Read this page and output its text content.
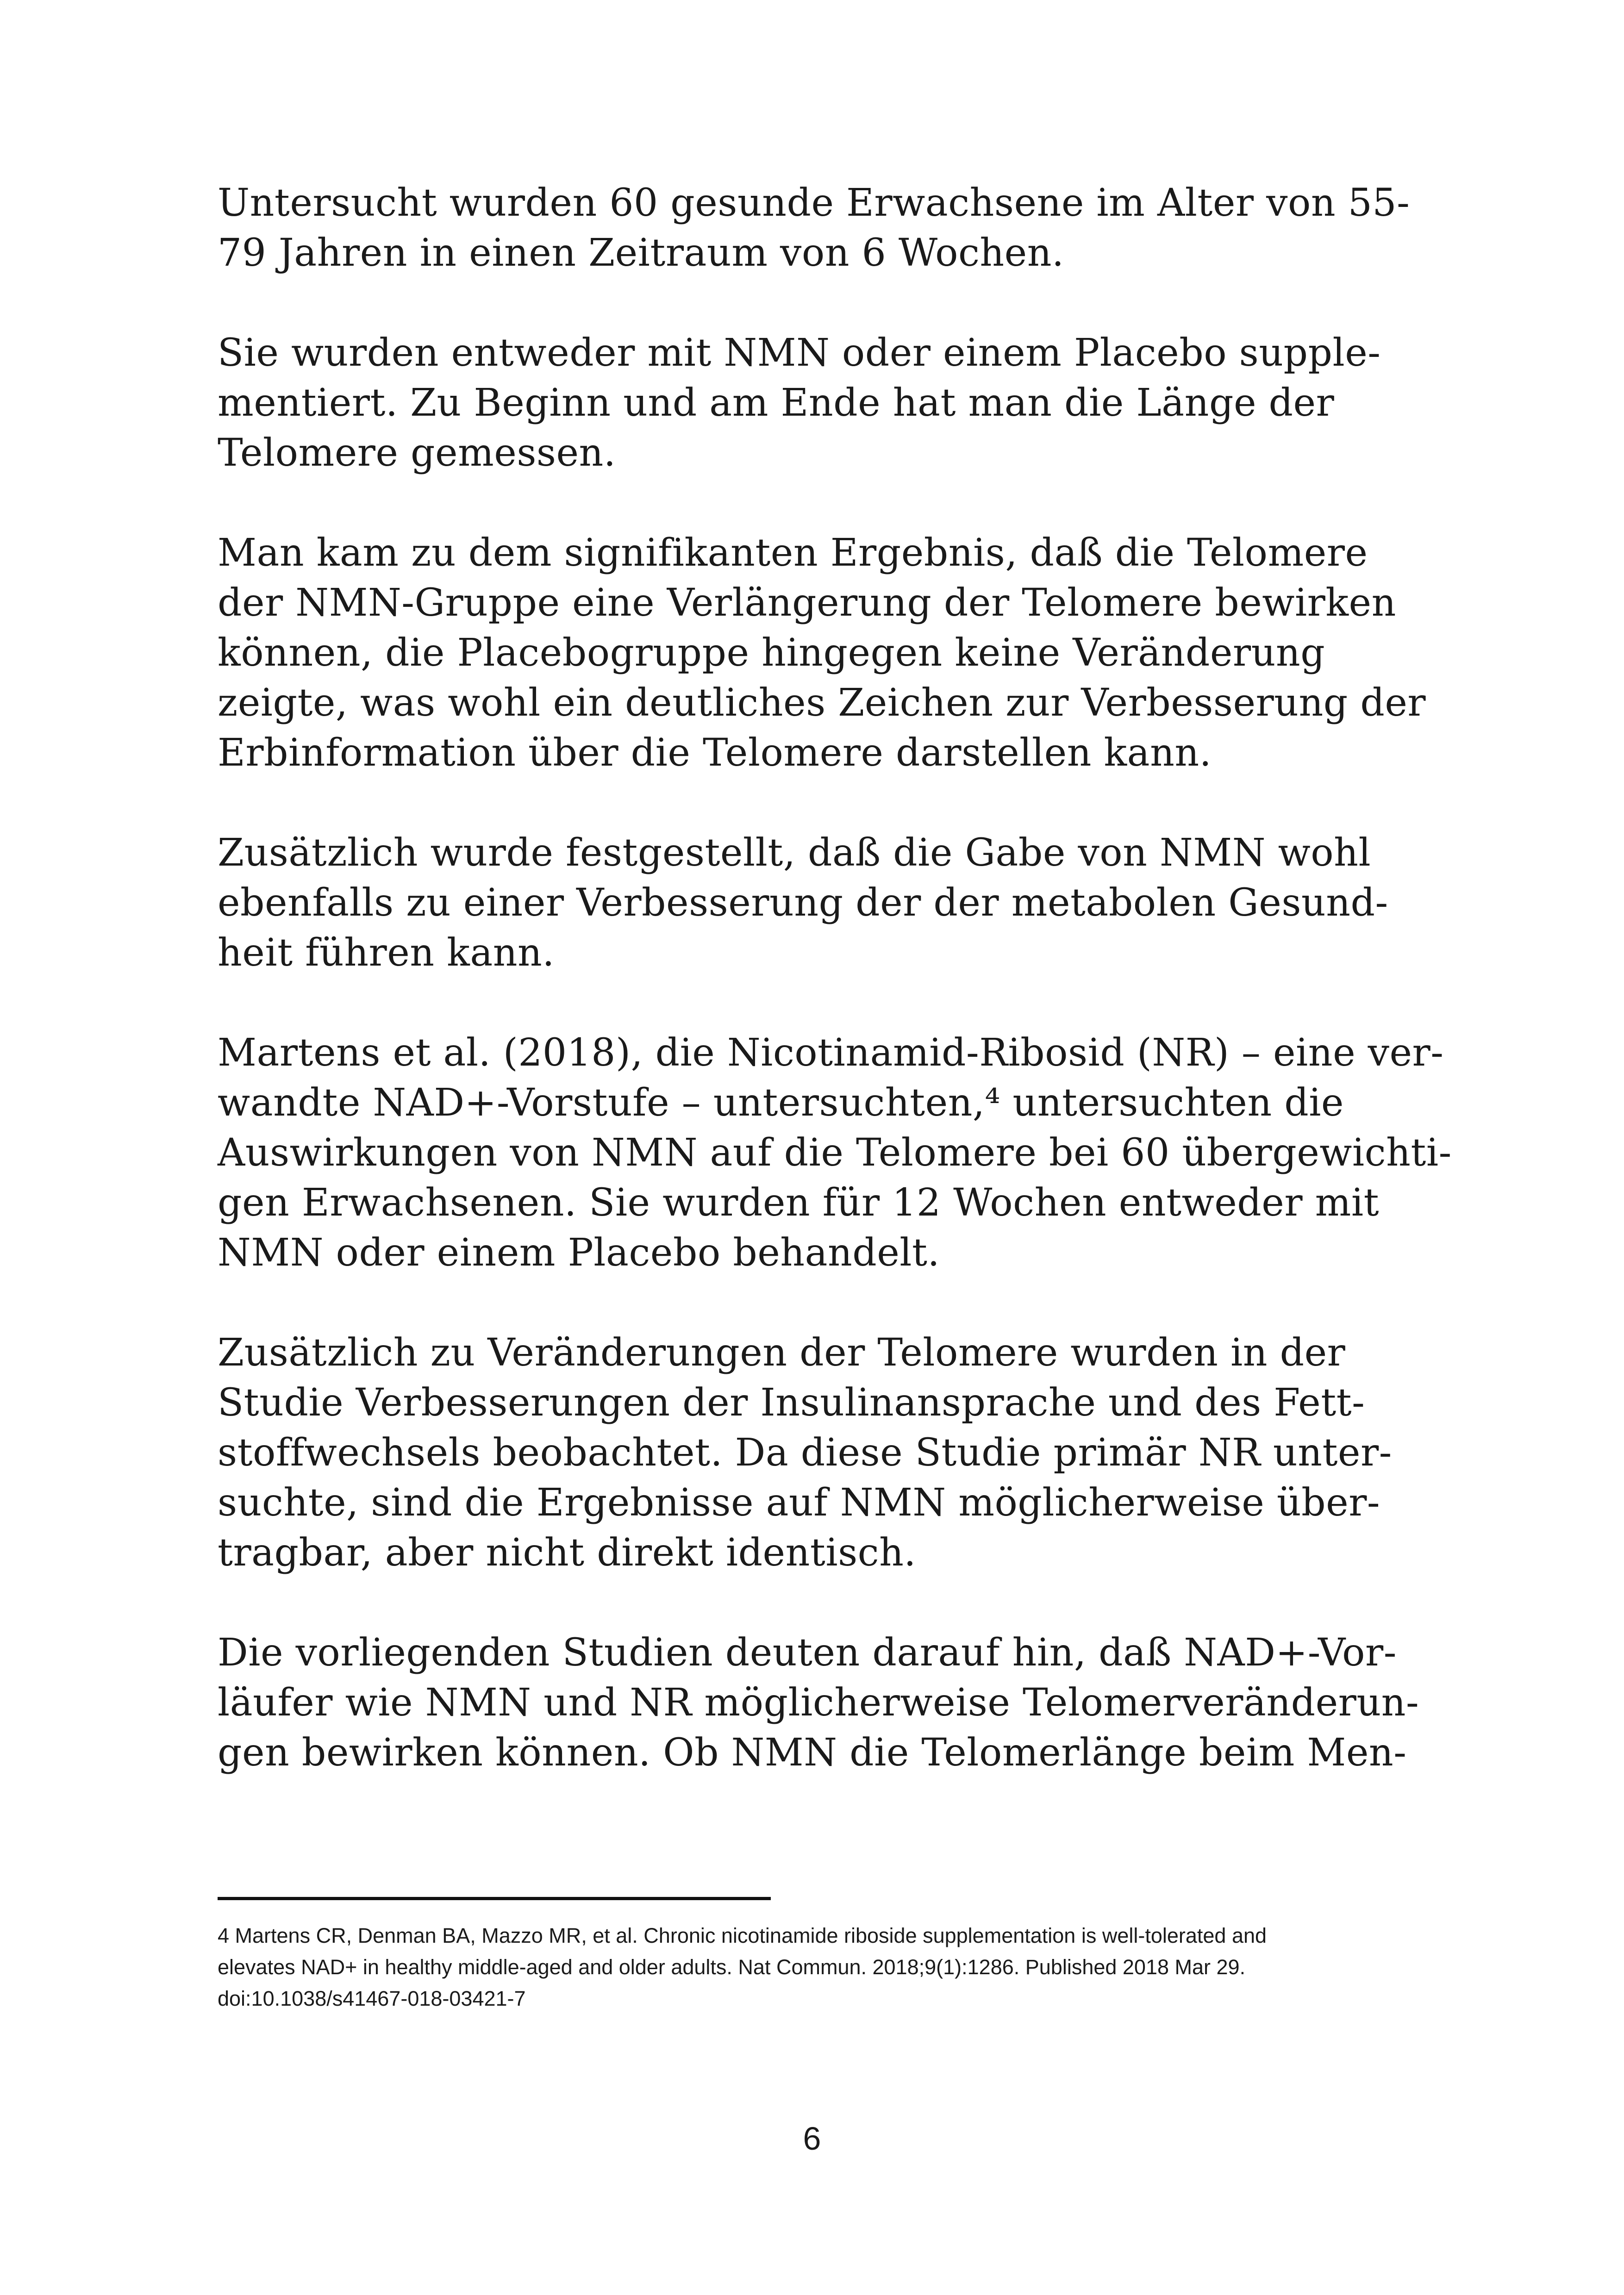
Untersucht wurden 60 gesunde Erwachsene im Alter von 55-
79 Jahren in einen Zeitraum von 6 Wochen.

Sie wurden entweder mit NMN oder einem Placebo supple-
mentiert. Zu Beginn und am Ende hat man die Länge der
Telomere gemessen.

Man kam zu dem signifikanten Ergebnis, daß die Telomere
der NMN-Gruppe eine Verlängerung der Telomere bewirken
können, die Placebogruppe hingegen keine Veränderung
zeigte, was wohl ein deutliches Zeichen zur Verbesserung der
Erbinformation über die Telomere darstellen kann.

Zusätzlich wurde festgestellt, daß die Gabe von NMN wohl
ebenfalls zu einer Verbesserung der der metabolen Gesund-
heit führen kann.

Martens et al. (2018), die Nicotinamid-Ribosid (NR) – eine ver-
wandte NAD+-Vorstufe – untersuchten,⁴ untersuchten die
Auswirkungen von NMN auf die Telomere bei 60 übergewichti-
gen Erwachsenen. Sie wurden für 12 Wochen entweder mit
NMN oder einem Placebo behandelt.

Zusätzlich zu Veränderungen der Telomere wurden in der
Studie Verbesserungen der Insulinansprache und des Fett-
stoffwechsels beobachtet. Da diese Studie primär NR unter-
suchte, sind die Ergebnisse auf NMN möglicherweise über-
tragbar, aber nicht direkt identisch.

Die vorliegenden Studien deuten darauf hin, daß NAD+-Vor-
läufer wie NMN und NR möglicherweise Telomerveränderun-
gen bewirken können. Ob NMN die Telomerlänge beim Men-

4 Martens CR, Denman BA, Mazzo MR, et al. Chronic nicotinamide riboside supplementation is well-tolerated and
elevates NAD+ in healthy middle-aged and older adults. Nat Commun. 2018;9(1):1286. Published 2018 Mar 29.
doi:10.1038/s41467-018-03421-7
6
